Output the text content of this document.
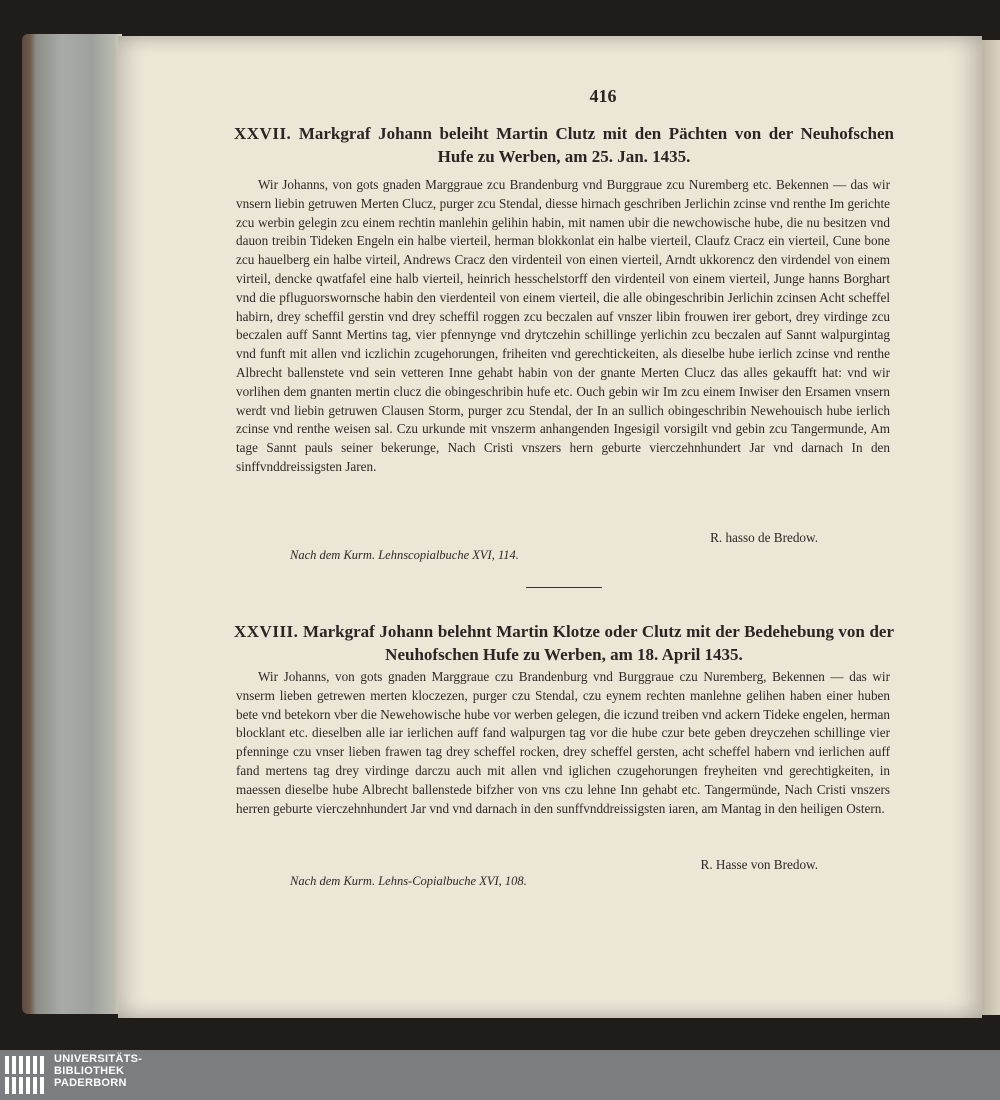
416
XXVII. Markgraf Johann beleiht Martin Clutz mit den Pächten von der Neuhofschen Hufe zu Werben, am 25. Jan. 1435.

Wir Johanns, von gots gnaden Marggraue zcu Brandenburg vnd Burggraue zcu Nuremberg etc. Bekennen — das wir vnsern liebin getruwen Merten Clucz, purger zcu Stendal, diesse hirnach geschriben Jerlichin zcinse vnd renthe Im gerichte zcu werbin gelegin zcu einem rechtin manlehin gelihin habin, mit namen ubir die newchowische hube, die nu besitzen vnd dauon treibin Tideken Engeln ein halbe vierteil, herman blokkonlat ein halbe vierteil, Claufz Cracz ein vierteil, Cune bone zcu hauelberg ein halbe virteil, Andrews Cracz den virdenteil von einen vierteil, Arndt ukkorencz den virdendel von einem virteil, dencke qwatfafel eine halb vierteil, heinrich hesschelstorff den virdenteil von einem vierteil, Junge hanns Borghart vnd die pfluguorswornsche habin den vierdenteil von einem vierteil, die alle obingeschribin Jerlichin zcinsen Acht scheffel habirn, drey scheffil gerstin vnd drey scheffil roggen zcu beczalen auf vnszer libin frouwen irer gebort, drey virdinge zcu beczalen auff Sannt Mertins tag, vier pfennynge vnd drytczehin schillinge yerlichin zcu beczalen auf Sannt walpurgintag vnd funft mit allen vnd iczlichin zcugehorungen, friheiten vnd gerechtickeiten, als dieselbe hube ierlich zcinse vnd renthe Albrecht ballenstete vnd sein vetteren Inne gehabt habin von der gnante Merten Clucz das alles gekaufft hat: vnd wir vorlihen dem gnanten mertin clucz die obingeschribin hufe etc. Ouch gebin wir Im zcu einem Inwiser den Ersamen vnsern werdt vnd liebin getruwen Clausen Storm, purger zcu Stendal, der In an sullich obingeschribin Newehouisch hube ierlich zcinse vnd renthe weisen sal. Czu urkunde mit vnszerm anhangenden Ingesigil vorsigilt vnd gebin zcu Tangermunde, Am tage Sannt pauls seiner bekerunge, Nach Cristi vnszers hern geburte vierczehnhundert Jar vnd darnach In den sinffvnddreissigsten Jaren.

R. hasso de Bredow.
Nach dem Kurm. Lehnscopialbuche XVI, 114.
XXVIII. Markgraf Johann belehnt Martin Klotze oder Clutz mit der Bedehebung von der Neuhofschen Hufe zu Werben, am 18. April 1435.

Wir Johanns, von gots gnaden Marggraue czu Brandenburg vnd Burggraue czu Nuremberg, Bekennen — das wir vnserm lieben getrewen merten kloczezen, purger czu Stendal, czu eynem rechten manlehne gelihen haben einer huben bete vnd betekorn vber die Newehowische hube vor werben gelegen, die iczund treiben vnd ackern Tideke engelen, herman blocklant etc. dieselben alle iar ierlichen auff fand walpurgen tag vor die hube czur bete geben dreyczehen schillinge vier pfenninge czu vnser lieben frawen tag drey scheffel rocken, drey scheffel gersten, acht scheffel habern vnd ierlichen auff fand mertens tag drey virdinge darczu auch mit allen vnd iglichen czugehorungen freyheiten vnd gerechtigkeiten, in maessen dieselbe hube Albrecht ballenstede bifzher von vns czu lehne Inn gehabt etc. Tangermünde, Nach Cristi vnszers herren geburte vierczehnhundert Jar vnd vnd darnach in den sunffvnddreissigsten iaren, am Mantag in den heiligen Ostern.

R. Hasse von Bredow.
Nach dem Kurm. Lehns-Copialbuche XVI, 108.
UNIVERSITÄTS-
BIBLIOTHEK
PADERBORN
